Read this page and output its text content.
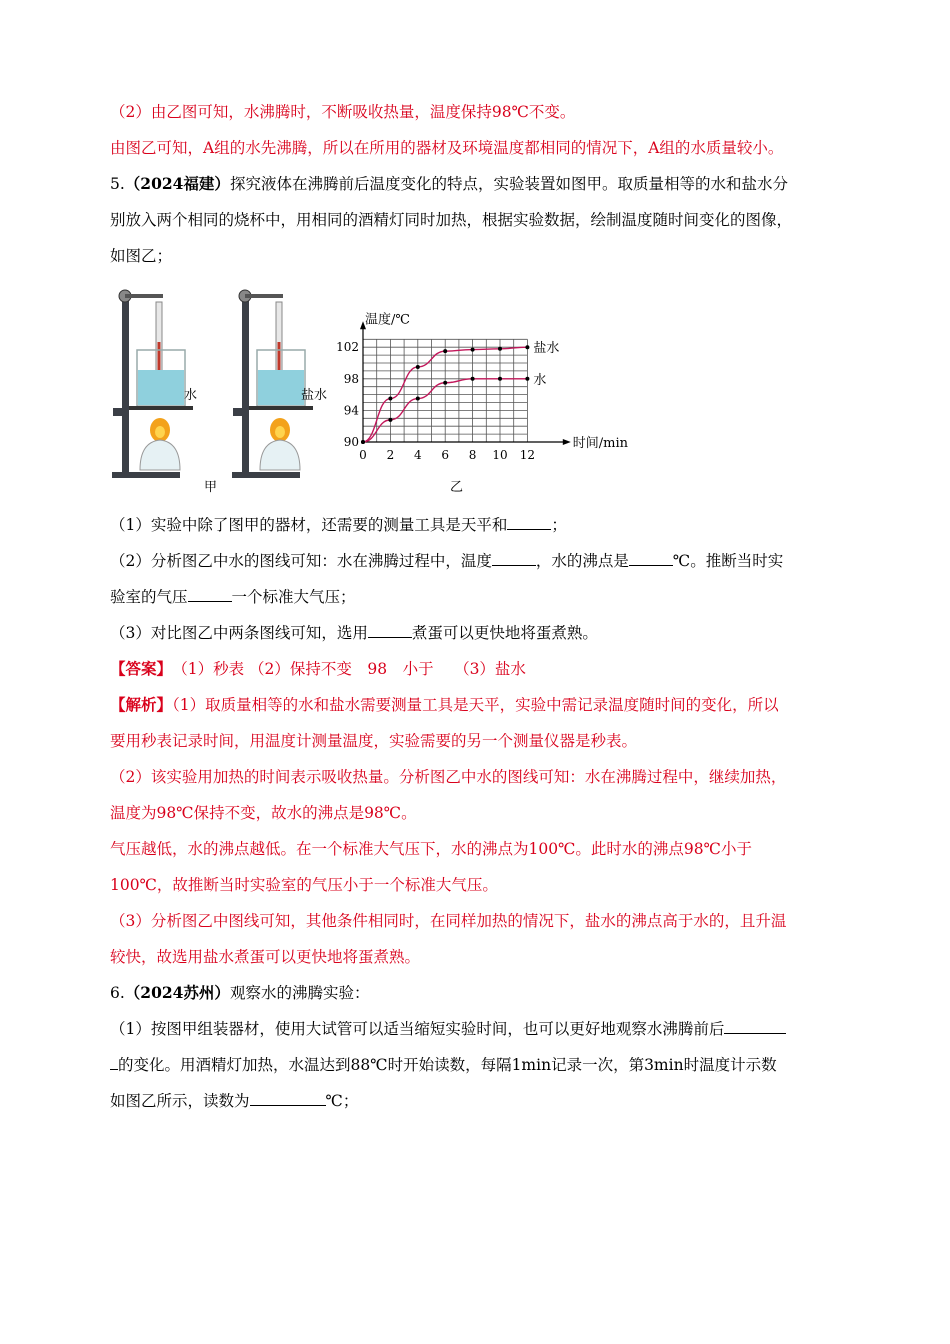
（2）由乙图可知，水沸腾时，不断吸收热量，温度保持98℃不变。
由图乙可知，A组的水先沸腾，所以在所用的器材及环境温度都相同的情况下，A组的水质量较小。
5.（2024福建）探究液体在沸腾前后温度变化的特点，实验装置如图甲。取质量相等的水和盐水分
别放入两个相同的烧杯中，用相同的酒精灯同时加热，根据实验数据，绘制温度随时间变化的图像，
如图乙；
水	盐水
甲
0 2 4 6 8 10 12
90
94
98
102
温度/℃
时间/min
盐水
水
乙
（1）实验中除了图甲的器材，还需要的测量工具是天平和	；
（2）分析图乙中水的图线可知：水在沸腾过程中，温度	，水的沸点是	℃。推断当时实
验室的气压	一个标准大气压；
（3）对比图乙中两条图线可知，选用	煮蛋可以更快地将蛋煮熟。
【答案】 （1）秒表 （2）保持不变　98　小于　 （3）盐水
【解析】（1）取质量相等的水和盐水需要测量工具是天平，实验中需记录温度随时间的变化，所以
要用秒表记录时间，用温度计测量温度，实验需要的另一个测量仪器是秒表。
（2）该实验用加热的时间表示吸收热量。分析图乙中水的图线可知：水在沸腾过程中，继续加热，
温度为98℃保持不变，故水的沸点是98℃。
气压越低，水的沸点越低。在一个标准大气压下，水的沸点为100℃。此时水的沸点98℃小于
100℃，故推断当时实验室的气压小于一个标准大气压。
（3）分析图乙中图线可知，其他条件相同时，在同样加热的情况下，盐水的沸点高于水的，且升温
较快，故选用盐水煮蛋可以更快地将蛋煮熟。
6.（2024苏州）观察水的沸腾实验：
（1）按图甲组装器材，使用大试管可以适当缩短实验时间，也可以更好地观察水沸腾前后
的变化。用酒精灯加热，水温达到88℃时开始读数，每隔1min记录一次，第3min时温度计示数
如图乙所示，读数为	℃；
